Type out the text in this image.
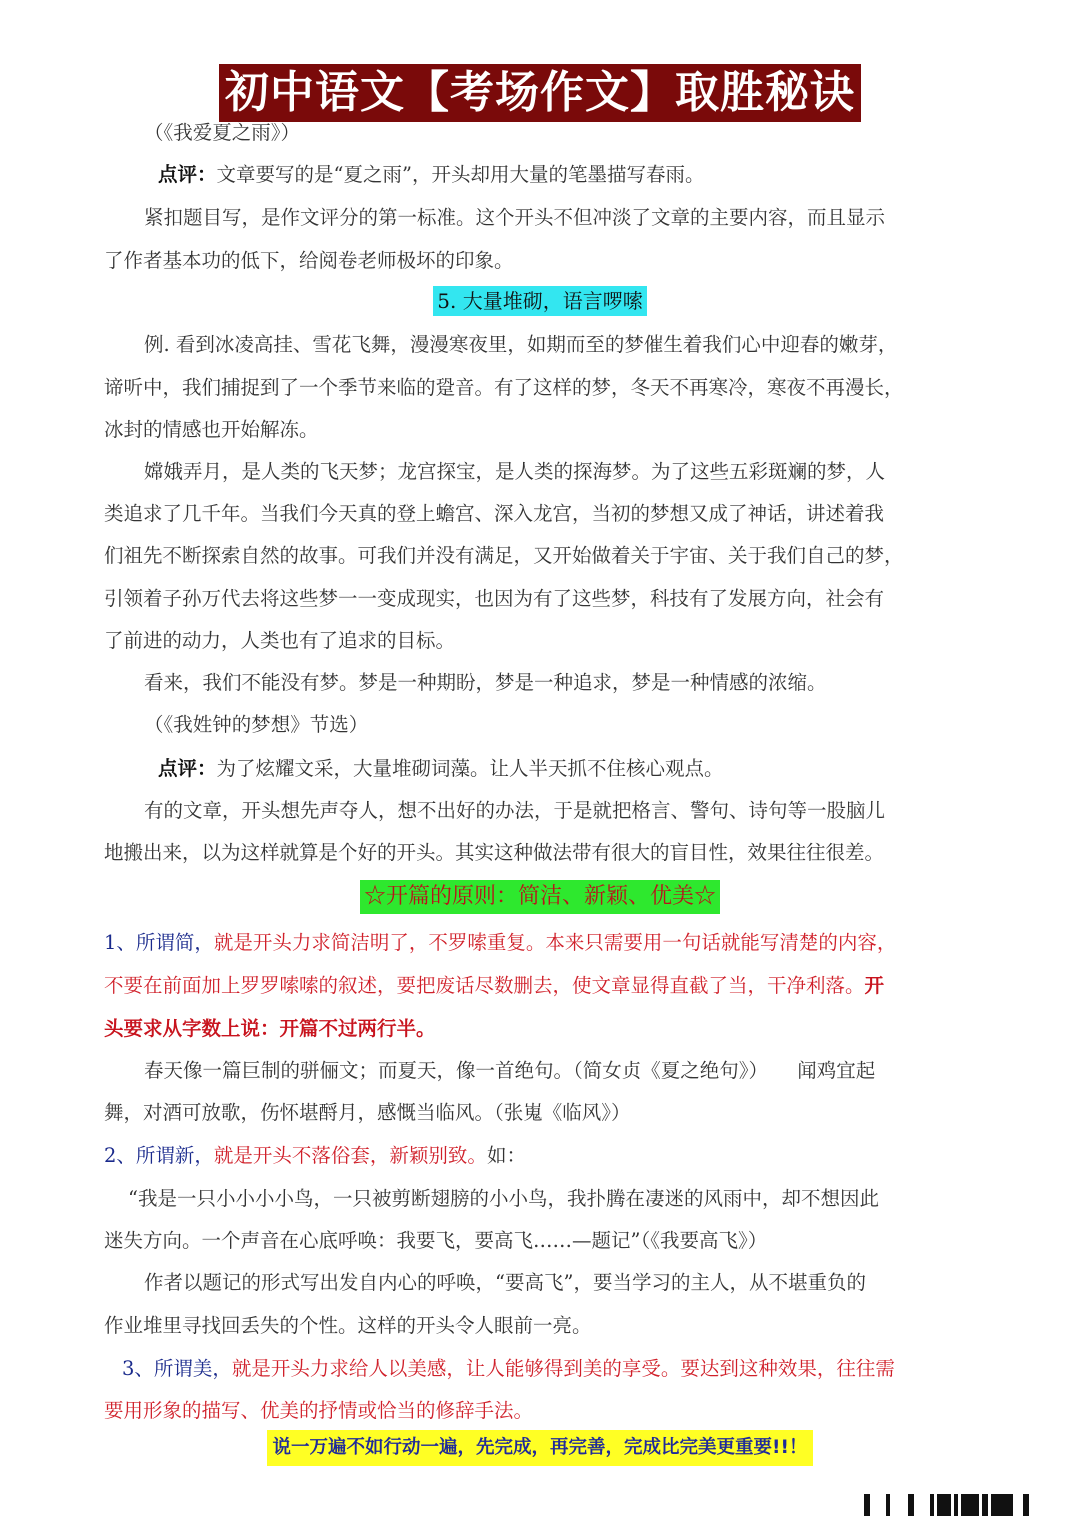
初中语文【考场作文】取胜秘诀
（《我爱夏之雨》）
点评：文章要写的是“夏之雨”，开头却用大量的笔墨描写春雨。
紧扣题目写，是作文评分的第一标准。这个开头不但冲淡了文章的主要内容，而且显示
了作者基本功的低下，给阅卷老师极坏的印象。
5. 大量堆砌，语言啰嗦
例. 看到冰凌高挂、雪花飞舞，漫漫寒夜里，如期而至的梦催生着我们心中迎春的嫩芽，
谛听中，我们捕捉到了一个季节来临的跫音。有了这样的梦，冬天不再寒冷，寒夜不再漫长，
冰封的情感也开始解冻。
嫦娥弄月，是人类的飞天梦；龙宫探宝，是人类的探海梦。为了这些五彩斑斓的梦，人
类追求了几千年。当我们今天真的登上蟾宫、深入龙宫，当初的梦想又成了神话，讲述着我
们祖先不断探索自然的故事。可我们并没有满足，又开始做着关于宇宙、关于我们自己的梦，
引领着子孙万代去将这些梦一一变成现实，也因为有了这些梦，科技有了发展方向，社会有
了前进的动力，人类也有了追求的目标。
看来，我们不能没有梦。梦是一种期盼，梦是一种追求，梦是一种情感的浓缩。
（《我姓钟的梦想》节选）
点评：为了炫耀文采，大量堆砌词藻。让人半天抓不住核心观点。
有的文章，开头想先声夺人，想不出好的办法，于是就把格言、警句、诗句等一股脑儿
地搬出来，以为这样就算是个好的开头。其实这种做法带有很大的盲目性，效果往往很差。
☆开篇的原则：简洁、新颖、优美☆
1、所谓简，就是开头力求简洁明了，不罗嗦重复。本来只需要用一句话就能写清楚的内容，
不要在前面加上罗罗嗦嗦的叙述，要把废话尽数删去，使文章显得直截了当，干净利落。开
头要求从字数上说：开篇不过两行半。
春天像一篇巨制的骈俪文；而夏天，像一首绝句。（简女贞《夏之绝句》）　　闻鸡宜起
舞，对酒可放歌，伤怀堪酹月，感慨当临风。（张嵬《临风》）
2、所谓新，就是开头不落俗套，新颖别致。如：
“我是一只小小小小鸟，一只被剪断翅膀的小小鸟，我扑腾在凄迷的风雨中，却不想因此
迷失方向。一个声音在心底呼唤：我要飞，要高飞……—题记”（《我要高飞》）
作者以题记的形式写出发自内心的呼唤，“要高飞”，要当学习的主人，从不堪重负的
作业堆里寻找回丢失的个性。这样的开头令人眼前一亮。
3、所谓美，就是开头力求给人以美感，让人能够得到美的享受。要达到这种效果，往往需
要用形象的描写、优美的抒情或恰当的修辞手法。
说一万遍不如行动一遍，先完成，再完善，完成比完美更重要!!！
